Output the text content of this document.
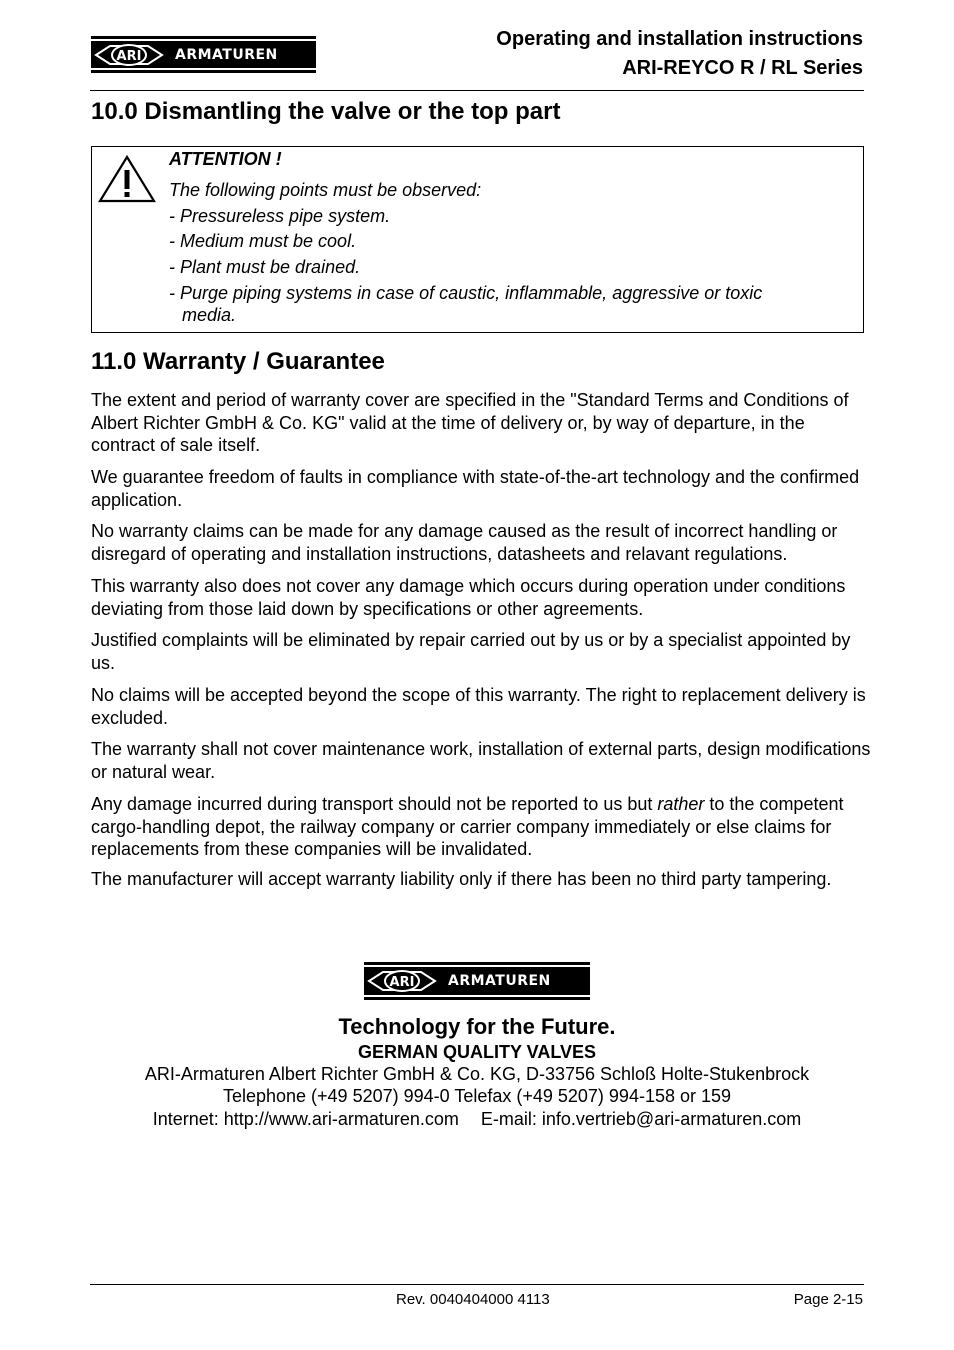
ARI	ARMATUREN
Operating and installation instructions
ARI-REYCO R / RL Series
10.0 Dismantling the valve or the top part
ATTENTION !
The following points must be observed:
- Pressureless pipe system.
- Medium must be cool.
- Plant must be drained.
- Purge piping systems in case of caustic, inflammable, aggressive or toxic
media.
11.0 Warranty / Guarantee

The extent and period of warranty cover are specified in the "Standard Terms and Conditions of Albert Richter GmbH & Co. KG" valid at the time of delivery or, by way of departure, in the contract of sale itself.

We guarantee freedom of faults in compliance with state-of-the-art technology and the confirmed application.

No warranty claims can be made for any damage caused as the result of incorrect handling or disregard of operating and installation instructions, datasheets and relavant regulations.

This warranty also does not cover any damage which occurs during operation under conditions deviating from those laid down by specifications or other agreements.

Justified complaints will be eliminated by repair carried out by us or by a specialist appointed by us.

No claims will be accepted beyond the scope of this warranty. The right to replacement delivery is excluded.

The warranty shall not cover maintenance work, installation of external parts, design modifications or natural wear.

Any damage incurred during transport should not be reported to us but rather to the competent cargo-handling depot, the railway company or carrier company immediately or else claims for replacements from these companies will be invalidated.

The manufacturer will accept warranty liability only if there has been no third party tampering.

ARI	ARMATUREN
Technology for the Future.
GERMAN QUALITY VALVES
ARI-Armaturen Albert Richter GmbH & Co. KG, D-33756 Schloß Holte-Stukenbrock
Telephone (+49 5207) 994-0 Telefax (+49 5207) 994-158 or 159
Internet: http://www.ari-armaturen.com E-mail: info.vertrieb@ari-armaturen.com
Rev. 0040404000 4113	Page 2-15
